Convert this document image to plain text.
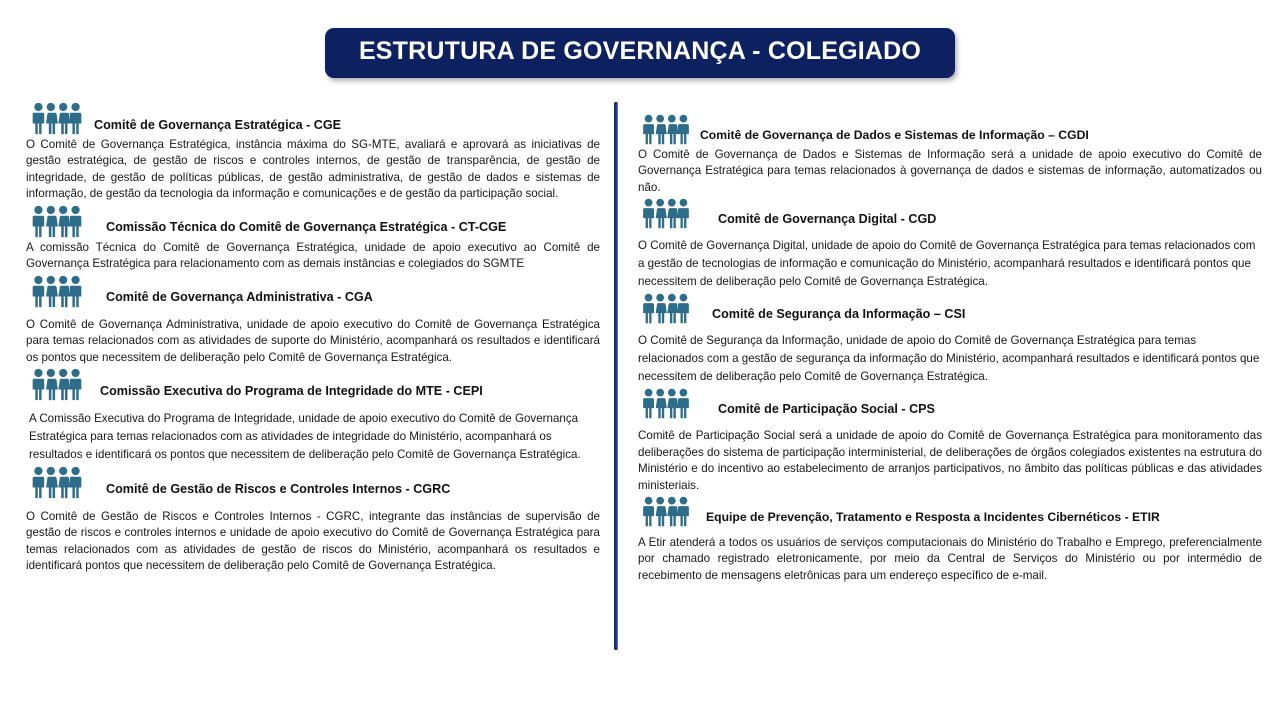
ESTRUTURA DE GOVERNANÇA - COLEGIADO
Comitê de Governança Estratégica - CGE

O Comitê de Governança Estratégica, instância máxima do SG-MTE, avaliará e aprovará as iniciativas de gestão estratégica, de gestão de riscos e controles internos, de gestão de transparência, de gestão de integridade, de gestão de políticas públicas, de gestão administrativa, de gestão de dados e sistemas de informação, de gestão da tecnologia da informação e comunicações e de gestão da participação social.

Comissão Técnica do Comitê de Governança Estratégica - CT-CGE

A comissão Técnica do Comitê de Governança Estratégica, unidade de apoio executivo ao Comitê de Governança Estratégica para relacionamento com as demais instâncias e colegiados do SGMTE

Comitê de Governança Administrativa - CGA

O Comitê de Governança Administrativa, unidade de apoio executivo do Comitê de Governança Estratégica para temas relacionados com as atividades de suporte do Ministério, acompanhará os resultados e identificará os pontos que necessitem de deliberação pelo Comitê de Governança Estratégica.

Comissão Executiva do Programa de Integridade do MTE - CEPI

A Comissão Executiva do Programa de Integridade, unidade de apoio executivo do Comitê de Governança Estratégica para temas relacionados com as atividades de integridade do Ministério, acompanhará os resultados e identificará os pontos que necessitem de deliberação pelo Comitê de Governança Estratégica.

Comitê de Gestão de Riscos e Controles Internos - CGRC

O Comitê de Gestão de Riscos e Controles Internos - CGRC, integrante das instâncias de supervisão de gestão de riscos e controles internos e unidade de apoio executivo do Comitê de Governança Estratégica para temas relacionados com as atividades de gestão de riscos do Ministério, acompanhará os resultados e identificará pontos que necessitem de deliberação pelo Comitê de Governança Estratégica.

Comitê de Governança de Dados e Sistemas de Informação – CGDI

O Comitê de Governança de Dados e Sistemas de Informação será a unidade de apoio executivo do Comitê de Governança Estratégica para temas relacionados à governança de dados e sistemas de informação, automatizados ou não.

Comitê de Governança Digital - CGD

O Comitê de Governança Digital, unidade de apoio do Comitê de Governança Estratégica para temas relacionados com a gestão de tecnologias de informação e comunicação do Ministério, acompanhará resultados e identificará pontos que necessitem de deliberação pelo Comitê de Governança Estratégica.

Comitê de Segurança da Informação – CSI

O Comitê de Segurança da Informação, unidade de apoio do Comitê de Governança Estratégica para temas relacionados com a gestão de segurança da informação do Ministério, acompanhará resultados e identificará pontos que necessitem de deliberação pelo Comitê de Governança Estratégica.

Comitê de Participação Social - CPS

Comitê de Participação Social será a unidade de apoio do Comitê de Governança Estratégica para monitoramento das deliberações do sistema de participação interministerial, de deliberações de órgãos colegiados existentes na estrutura do Ministério e do incentivo ao estabelecimento de arranjos participativos, no âmbito das políticas públicas e das atividades ministeriais.

Equipe de Prevenção, Tratamento e Resposta a Incidentes Cibernéticos - ETIR

A Etir atenderá a todos os usuários de serviços computacionais do Ministério do Trabalho e Emprego, preferencialmente por chamado registrado eletronicamente, por meio da Central de Serviços do Ministério ou por intermédio de recebimento de mensagens eletrônicas para um endereço específico de e-mail.
